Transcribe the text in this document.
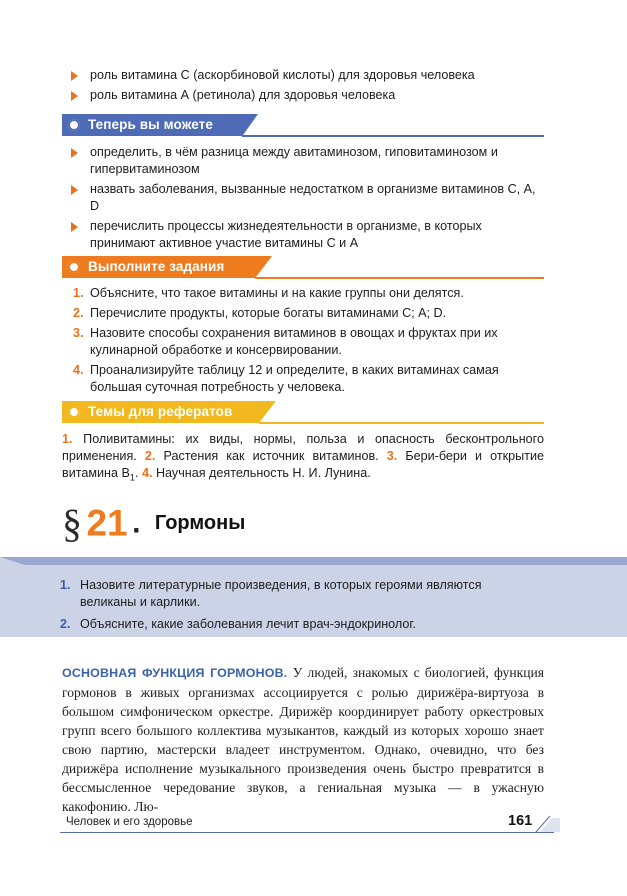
роль витамина С (аскорбиновой кислоты) для здоровья человека
роль витамина А (ретинола) для здоровья человека
Теперь вы можете
определить, в чём разница между авитаминозом, гиповитаминозом и гипервитаминозом
назвать заболевания, вызванные недостатком в организме витаминов С, А, D
перечислить процессы жизнедеятельности в организме, в которых принимают активное участие витамины С и А
Выполните задания
1. Объясните, что такое витамины и на какие группы они делятся.
2. Перечислите продукты, которые богаты витаминами С; А; D.
3. Назовите способы сохранения витаминов в овощах и фруктах при их кулинарной обработке и консервировании.
4. Проанализируйте таблицу 12 и определите, в каких витаминах самая большая суточная потребность у человека.
Темы для рефератов
1. Поливитамины: их виды, нормы, польза и опасность бесконтрольного применения. 2. Растения как источник витаминов. 3. Бери-бери и открытие витамина $B_1$. 4. Научная деятельность Н. И. Лунина.
§ 21 . Гормоны
1. Назовите литературные произведения, в которых героями являются великаны и карлики.
2. Объясните, какие заболевания лечит врач-эндокринолог.
ОСНОВНАЯ ФУНКЦИЯ ГОРМОНОВ. У людей, знакомых с биологией, функция гормонов в живых организмах ассоциируется с ролью дирижёра-виртуоза в большом симфоническом оркестре. Дирижёр координирует работу оркестровых групп всего большого коллектива музыкантов, каждый из которых хорошо знает свою партию, мастерски владеет инструментом. Однако, очевидно, что без дирижёра исполнение музыкального произведения очень быстро превратится в бессмысленное чередование звуков, а гениальная музыка — в ужасную какофонию. Лю-
Человек и его здоровье	161
